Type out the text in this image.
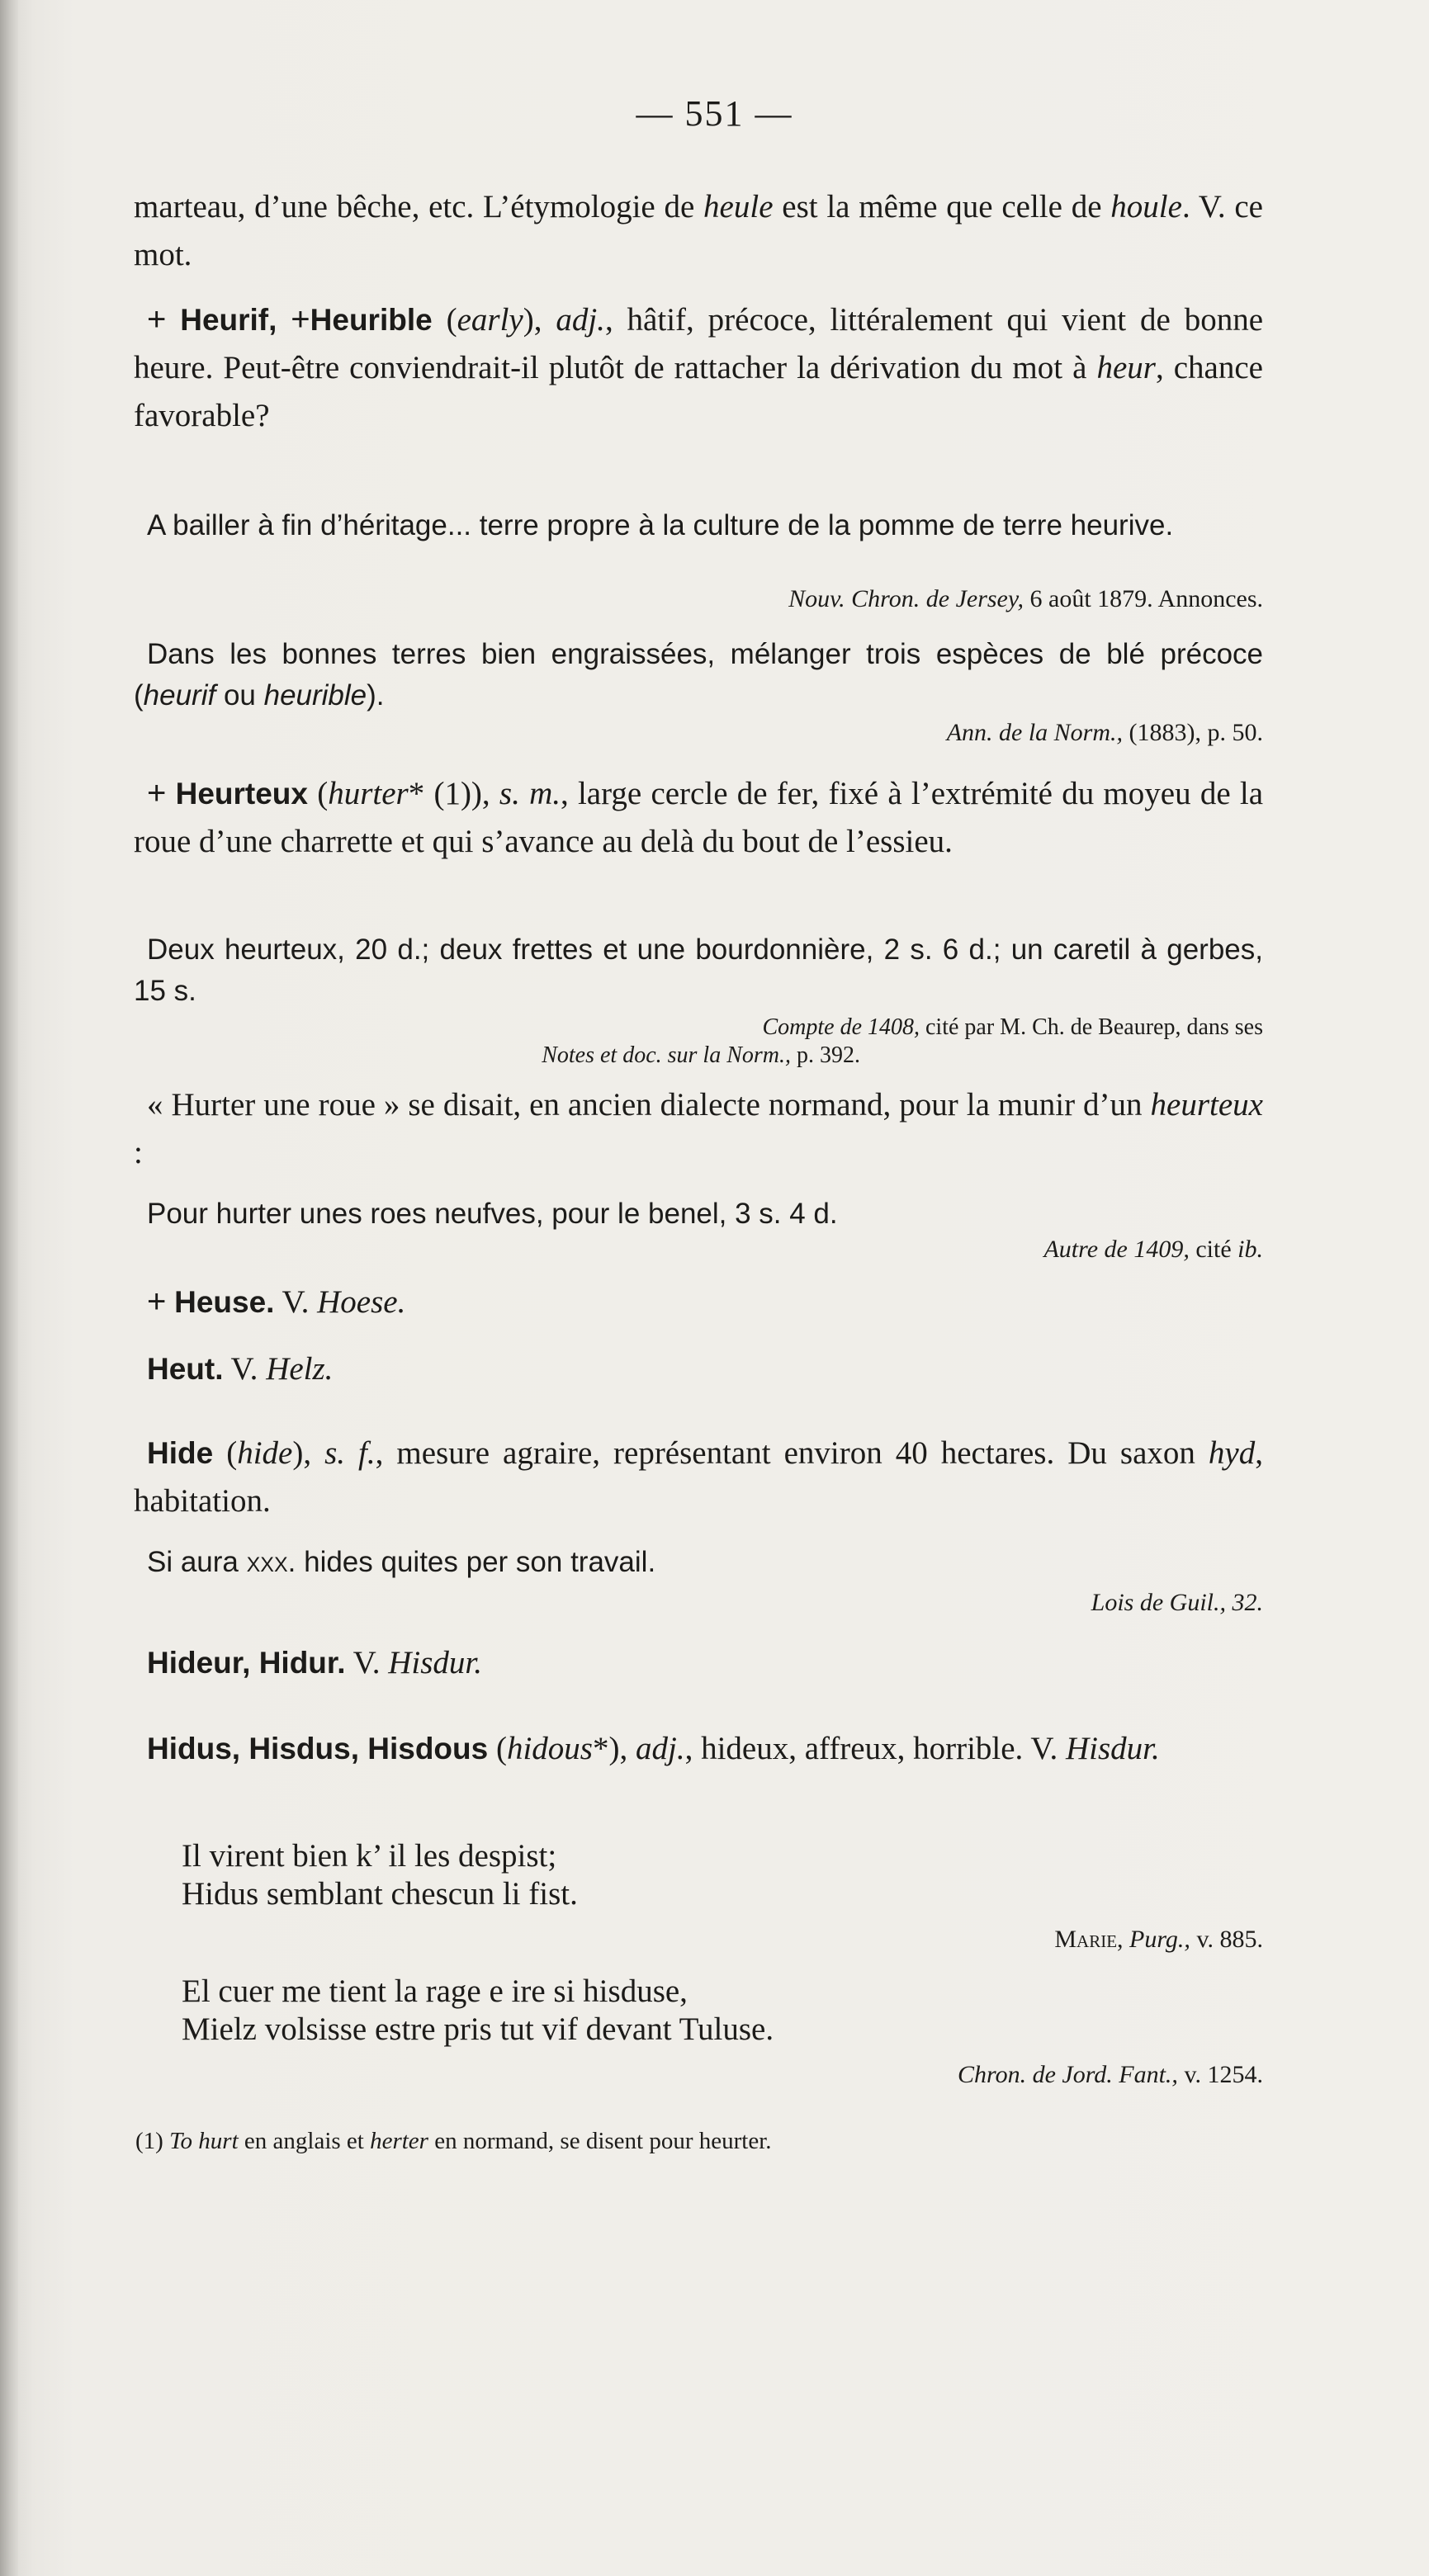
— 551 —
marteau, d’une bêche, etc. L’étymologie de heule est la même que celle de houle. V. ce mot.
+ Heurif, +Heurible (early), adj., hâtif, précoce, littéralement qui vient de bonne heure. Peut-être conviendrait-il plutôt de rattacher la dérivation du mot à heur, chance favorable?
A bailler à fin d’héritage... terre propre à la culture de la pomme de terre heurive.
Nouv. Chron. de Jersey, 6 août 1879. Annonces.
Dans les bonnes terres bien engraissées, mélanger trois espèces de blé précoce (heurif ou heurible).
Ann. de la Norm., (1883), p. 50.
+ Heurteux (hurter* (1)), s. m., large cercle de fer, fixé à l’extrémité du moyeu de la roue d’une charrette et qui s’avance au delà du bout de l’essieu.
Deux heurteux, 20 d.; deux frettes et une bourdonnière, 2 s. 6 d.; un caretil à gerbes, 15 s.
Compte de 1408, cité par M. Ch. de Beaurep, dans ses
Notes et doc. sur la Norm., p. 392.
« Hurter une roue » se disait, en ancien dialecte normand, pour la munir d’un heurteux :
Pour hurter unes roes neufves, pour le benel, 3 s. 4 d.
Autre de 1409, cité ib.
+ Heuse. V. Hoese.
Heut. V. Helz.
Hide (hide), s. f., mesure agraire, représentant environ 40 hectares. Du saxon hyd, habitation.
Si aura xxx. hides quites per son travail.
Lois de Guil., 32.
Hideur, Hidur. V. Hisdur.
Hidus, Hisdus, Hisdous (hidous*), adj., hideux, affreux, horrible. V. Hisdur.
Il virent bien k’ il les despist;
Hidus semblant chescun li fist.
Marie, Purg., v. 885.
El cuer me tient la rage e ire si hisduse,
Mielz volsisse estre pris tut vif devant Tuluse.
Chron. de Jord. Fant., v. 1254.
(1) To hurt en anglais et herter en normand, se disent pour heurter.
